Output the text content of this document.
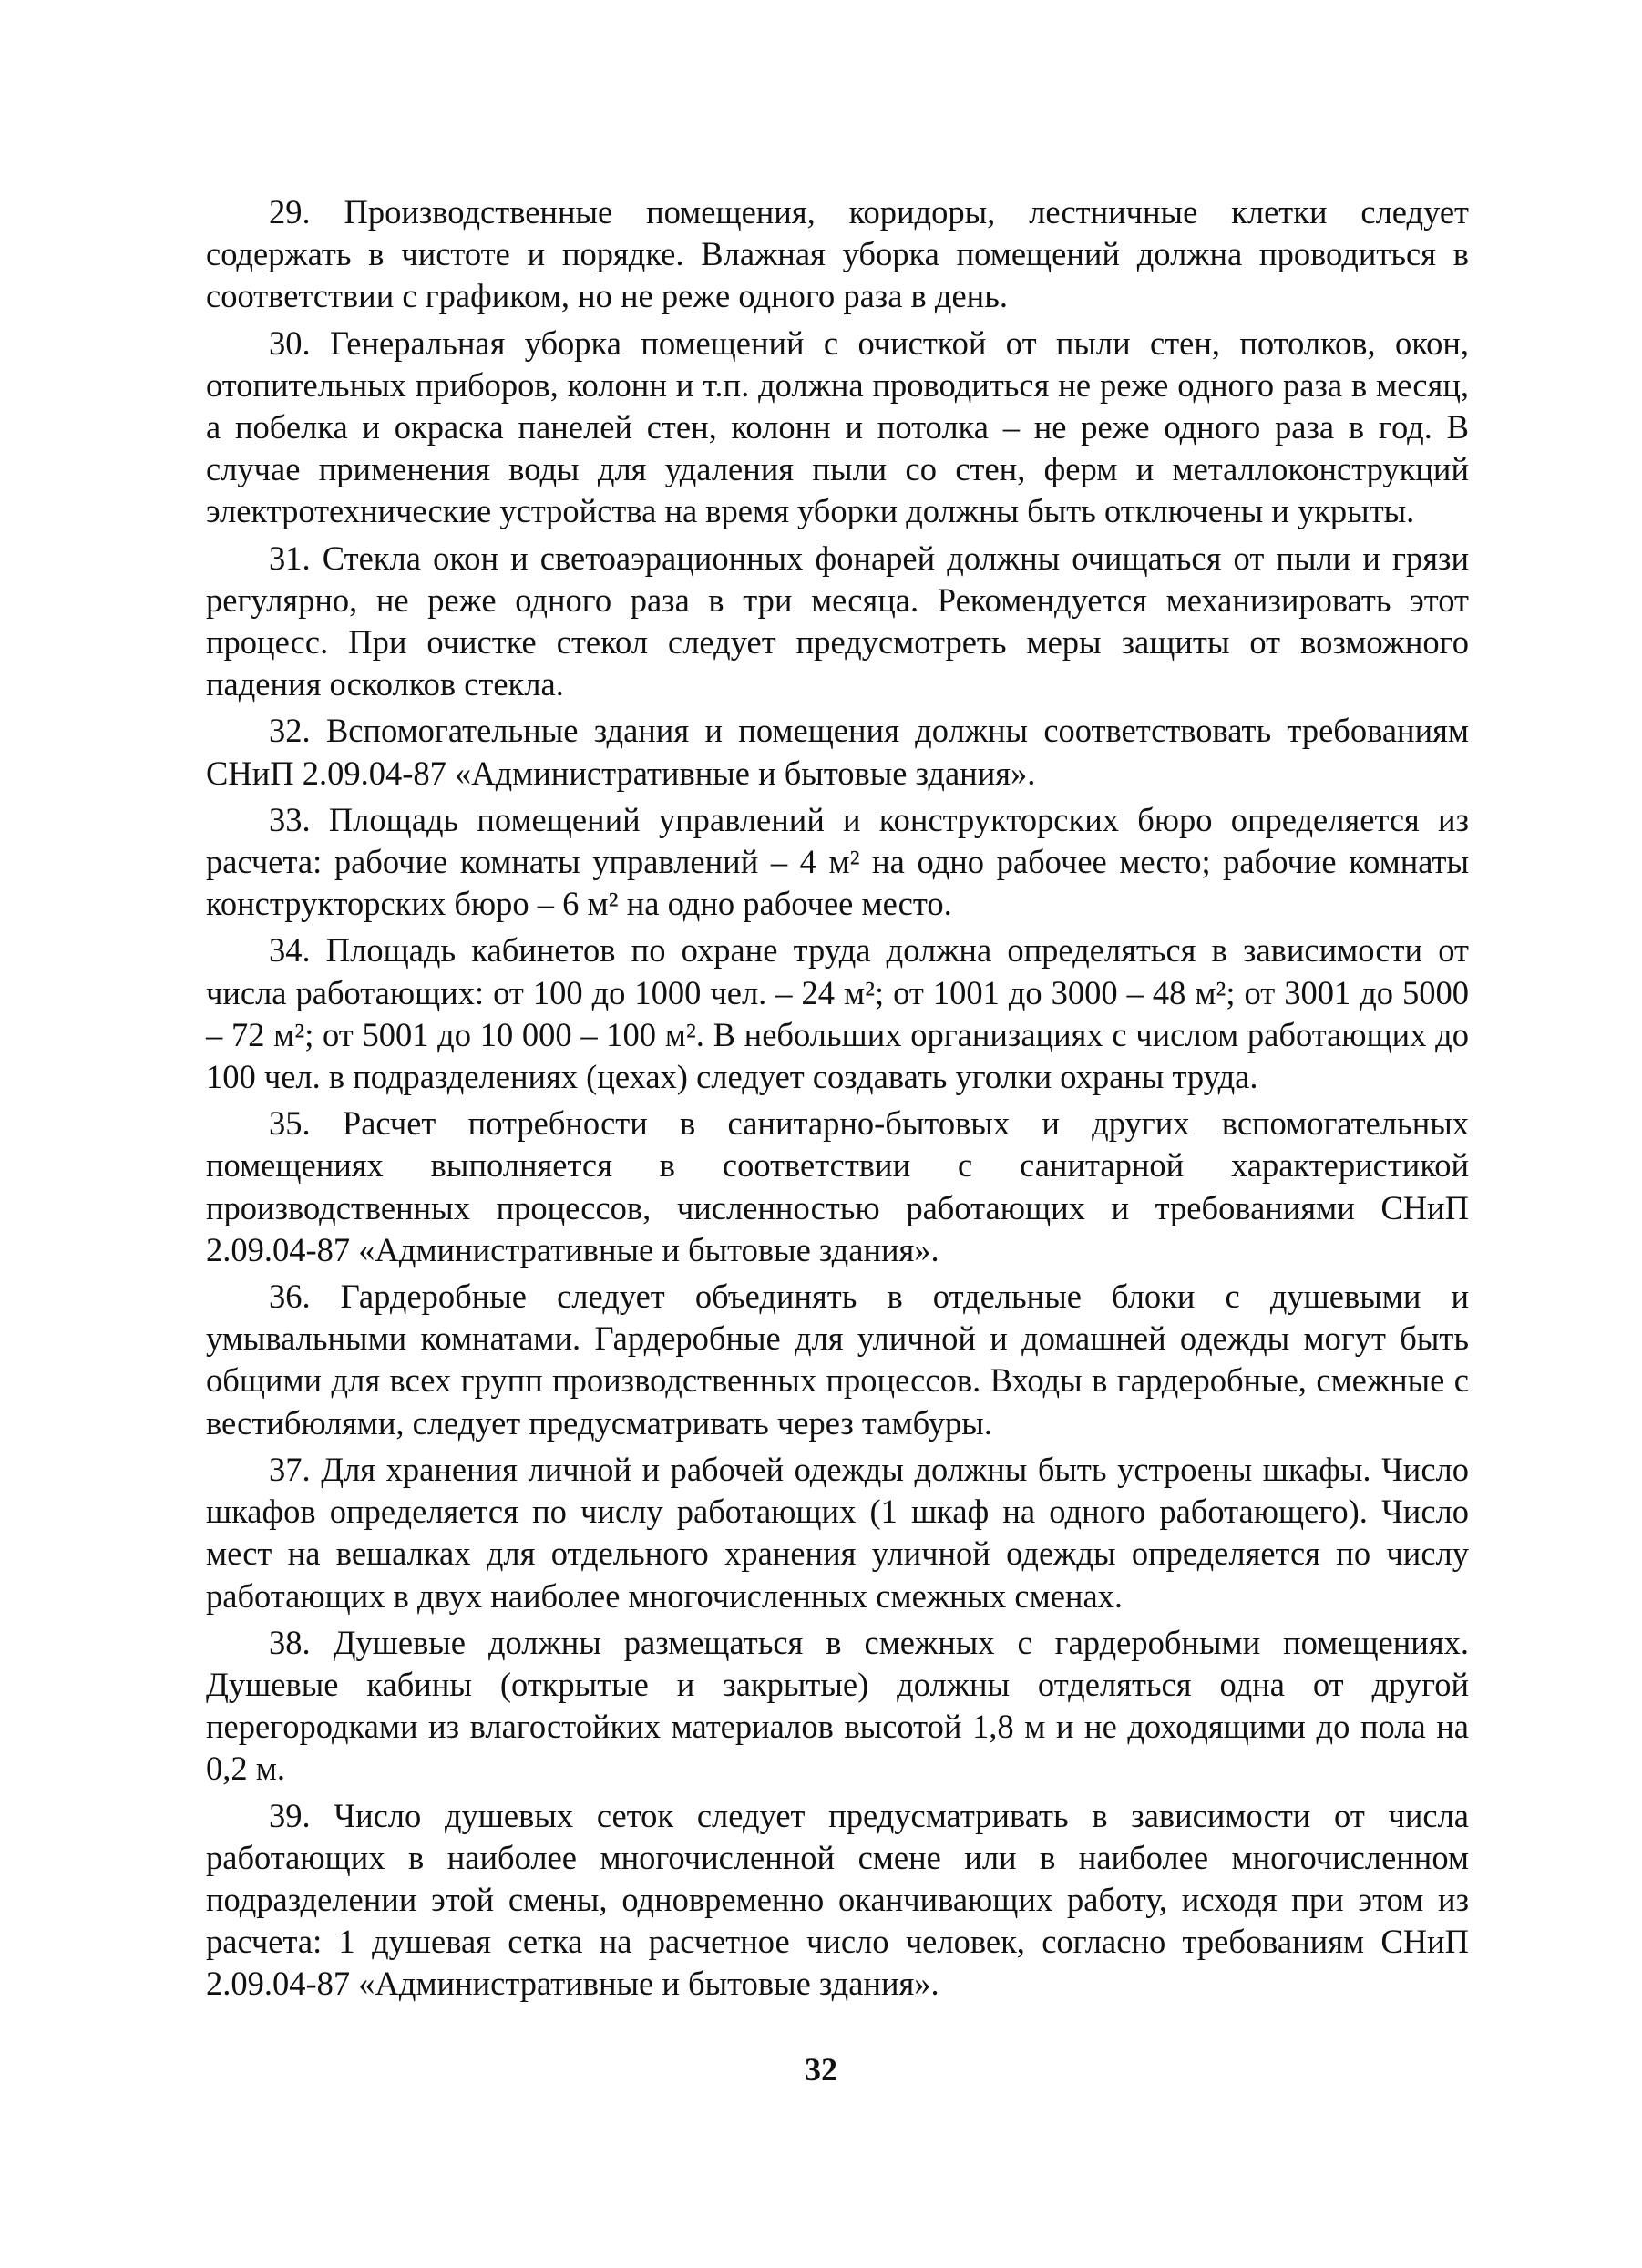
29. Производственные помещения, коридоры, лестничные клетки следует содержать в чистоте и порядке. Влажная уборка помещений должна проводиться в соответствии с графиком, но не реже одного раза в день.

30. Генеральная уборка помещений с очисткой от пыли стен, потолков, окон, отопительных приборов, колонн и т.п. должна проводиться не реже одного раза в месяц, а побелка и окраска панелей стен, колонн и потолка – не реже одного раза в год. В случае применения воды для удаления пыли со стен, ферм и металлоконструкций электротехнические устройства на время уборки должны быть отключены и укрыты.

31. Стекла окон и светоаэрационных фонарей должны очищаться от пыли и грязи регулярно, не реже одного раза в три месяца. Рекомендуется механизировать этот процесс. При очистке стекол следует предусмотреть меры защиты от возможного падения осколков стекла.

32. Вспомогательные здания и помещения должны соответствовать требованиям СНиП 2.09.04-87 «Административные и бытовые здания».

33. Площадь помещений управлений и конструкторских бюро определяется из расчета: рабочие комнаты управлений – 4 м² на одно рабочее место; рабочие комнаты конструкторских бюро – 6 м² на одно рабочее место.

34. Площадь кабинетов по охране труда должна определяться в зависимости от числа работающих: от 100 до 1000 чел. – 24 м²; от 1001 до 3000 – 48 м²; от 3001 до 5000 – 72 м²; от 5001 до 10 000 – 100 м². В небольших организациях с числом работающих до 100 чел. в подразделениях (цехах) следует создавать уголки охраны труда.

35. Расчет потребности в санитарно-бытовых и других вспомогательных помещениях выполняется в соответствии с санитарной характеристикой производственных процессов, численностью работающих и требованиями СНиП 2.09.04-87 «Административные и бытовые здания».

36. Гардеробные следует объединять в отдельные блоки с душевыми и умывальными комнатами. Гардеробные для уличной и домашней одежды могут быть общими для всех групп производственных процессов. Входы в гардеробные, смежные с вестибюлями, следует предусматривать через тамбуры.

37. Для хранения личной и рабочей одежды должны быть устроены шкафы. Число шкафов определяется по числу работающих (1 шкаф на одного работающего). Число мест на вешалках для отдельного хранения уличной одежды определяется по числу работающих в двух наиболее многочисленных смежных сменах.

38. Душевые должны размещаться в смежных с гардеробными помещениях. Душевые кабины (открытые и закрытые) должны отделяться одна от другой перегородками из влагостойких материалов высотой 1,8 м и не доходящими до пола на 0,2 м.

39. Число душевых сеток следует предусматривать в зависимости от числа работающих в наиболее многочисленной смене или в наиболее многочисленном подразделении этой смены, одновременно оканчивающих работу, исходя при этом из расчета: 1 душевая сетка на расчетное число человек, согласно требованиям СНиП 2.09.04-87 «Административные и бытовые здания».

32
